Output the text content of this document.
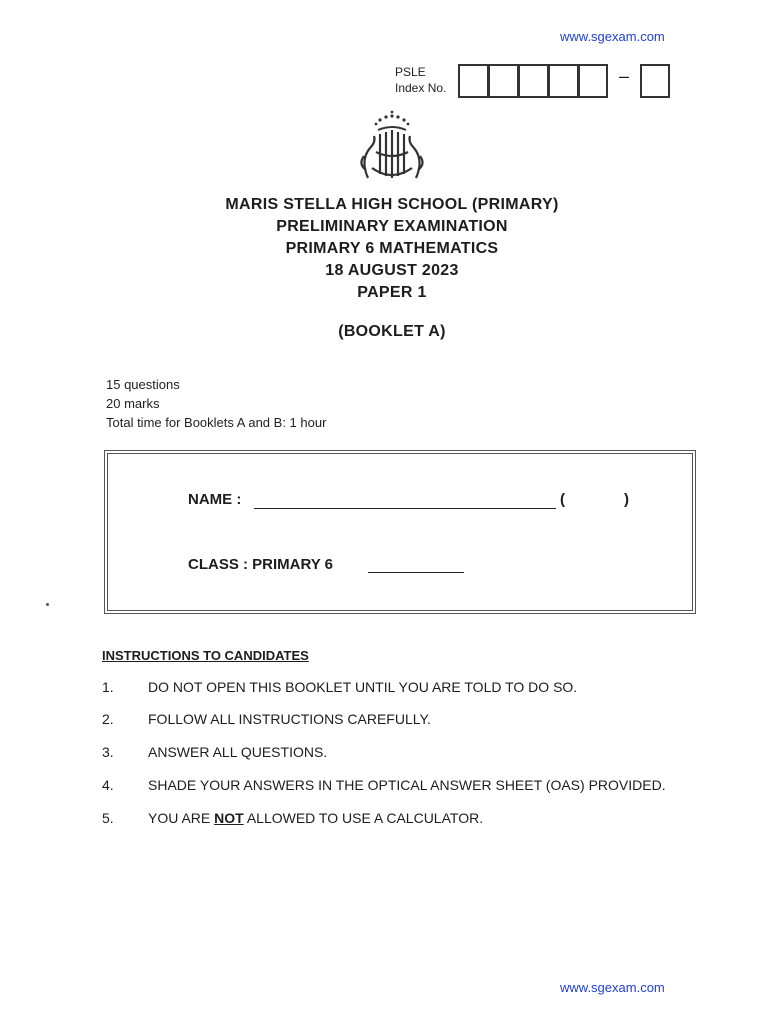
www.sgexam.com
PSLE
Index No.
–
MARIS STELLA HIGH SCHOOL (PRIMARY)
PRELIMINARY EXAMINATION
PRIMARY 6 MATHEMATICS
18 AUGUST 2023
PAPER 1
(BOOKLET A)
15 questions
20 marks
Total time for Booklets A and B: 1 hour
NAME :	(	)
CLASS : PRIMARY 6
INSTRUCTIONS TO CANDIDATES
1. DO NOT OPEN THIS BOOKLET UNTIL YOU ARE TOLD TO DO SO.
2. FOLLOW ALL INSTRUCTIONS CAREFULLY.
3. ANSWER ALL QUESTIONS.
4. SHADE YOUR ANSWERS IN THE OPTICAL ANSWER SHEET (OAS) PROVIDED.
5. YOU ARE NOT ALLOWED TO USE A CALCULATOR.
www.sgexam.com
